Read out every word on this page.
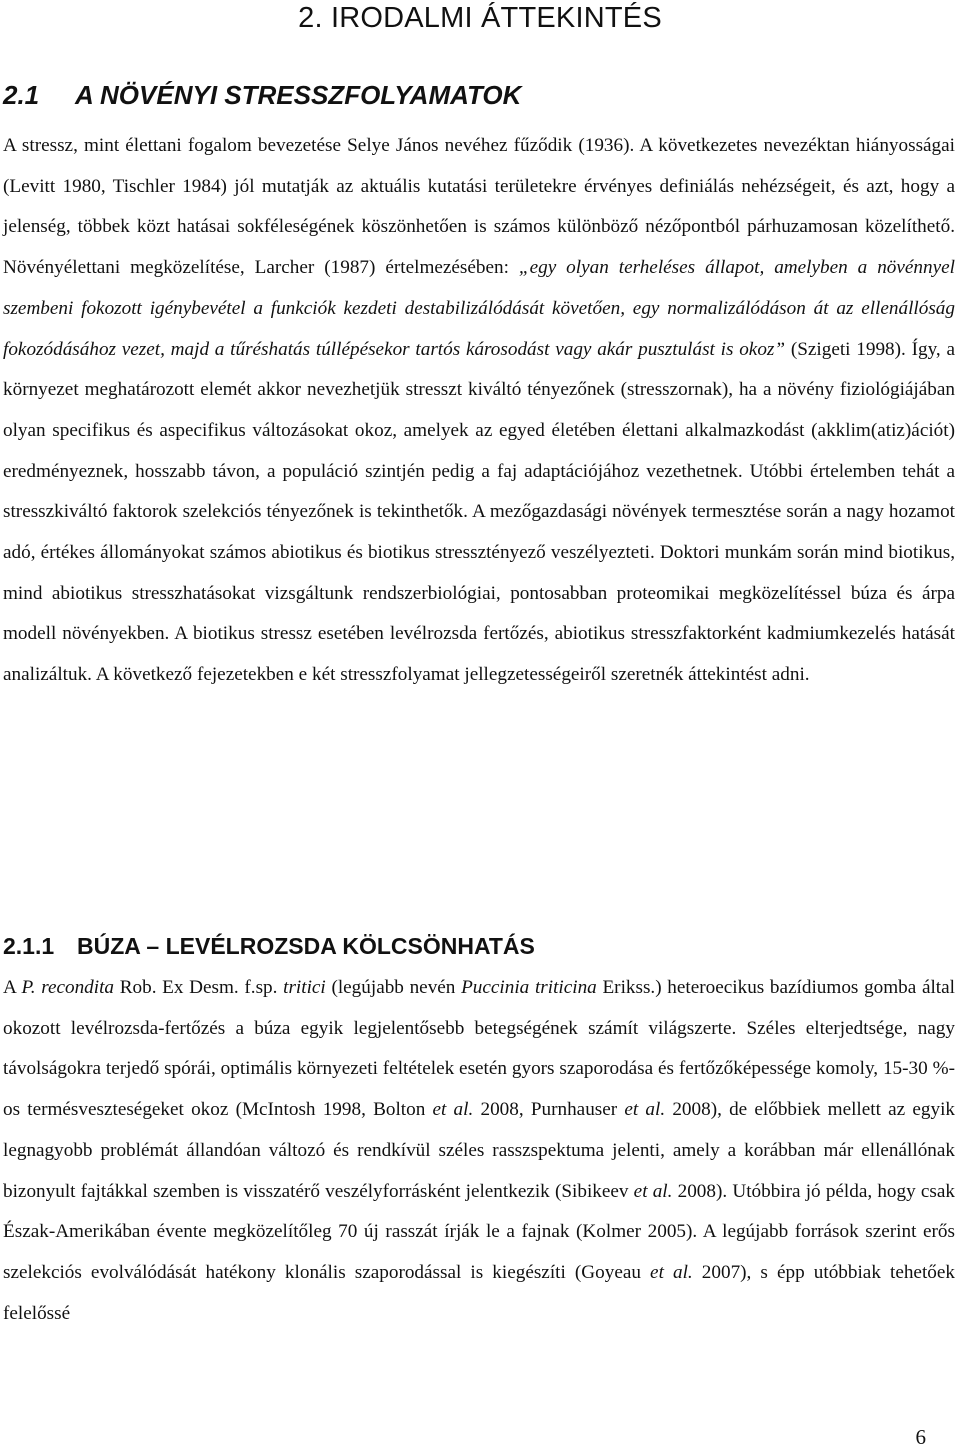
2. IRODALMI ÁTTEKINTÉS
2.1 A NÖVÉNYI STRESSZFOLYAMATOK

A stressz, mint élettani fogalom bevezetése Selye János nevéhez fűződik (1936). A következetes nevezéktan hiányosságai (Levitt 1980, Tischler 1984) jól mutatják az aktuális kutatási területekre érvényes definiálás nehézségeit, és azt, hogy a jelenség, többek közt hatásai sokféleségének köszönhetően is számos különböző nézőpontból párhuzamosan közelíthető. Növényélettani megközelítése, Larcher (1987) értelmezésében: „egy olyan terheléses állapot, amelyben a növénnyel szembeni fokozott igénybevétel a funkciók kezdeti destabilizálódását követően, egy normalizálódáson át az ellenállóság fokozódásához vezet, majd a tűréshatás túllépésekor tartós károsodást vagy akár pusztulást is okoz” (Szigeti 1998). Így, a környezet meghatározott elemét akkor nevezhetjük stresszt kiváltó tényezőnek (stresszornak), ha a növény fiziológiájában olyan specifikus és aspecifikus változásokat okoz, amelyek az egyed életében élettani alkalmazkodást (akklim(atiz)ációt) eredményeznek, hosszabb távon, a populáció szintjén pedig a faj adaptációjához vezethetnek. Utóbbi értelemben tehát a stresszkiváltó faktorok szelekciós tényezőnek is tekinthetők. A mezőgazdasági növények termesztése során a nagy hozamot adó, értékes állományokat számos abiotikus és biotikus stressztényező veszélyezteti. Doktori munkám során mind biotikus, mind abiotikus stresszhatásokat vizsgáltunk rendszerbiológiai, pontosabban proteomikai megközelítéssel búza és árpa modell növényekben. A biotikus stressz esetében levélrozsda fertőzés, abiotikus stresszfaktorként kadmiumkezelés hatását analizáltuk. A következő fejezetekben e két stresszfolyamat jellegzetességeiről szeretnék áttekintést adni.

2.1.1 BÚZA – LEVÉLROZSDA KÖLCSÖNHATÁS

A P. recondita Rob. Ex Desm. f.sp. tritici (legújabb nevén Puccinia triticina Erikss.) heteroecikus bazídiumos gomba által okozott levélrozsda-fertőzés a búza egyik legjelentősebb betegségének számít világszerte. Széles elterjedtsége, nagy távolságokra terjedő spórái, optimális környezeti feltételek esetén gyors szaporodása és fertőzőképessége komoly, 15-30 %-os termésveszteségeket okoz (McIntosh 1998, Bolton et al. 2008, Purnhauser et al. 2008), de előbbiek mellett az egyik legnagyobb problémát állandóan változó és rendkívül széles rasszspektuma jelenti, amely a korábban már ellenállónak bizonyult fajtákkal szemben is visszatérő veszélyforrásként jelentkezik (Sibikeev et al. 2008). Utóbbira jó példa, hogy csak Észak-Amerikában évente megközelítőleg 70 új rasszát írják le a fajnak (Kolmer 2005). A legújabb források szerint erős szelekciós evolválódását hatékony klonális szaporodással is kiegészíti (Goyeau et al. 2007), s épp utóbbiak tehetőek felelőssé

6
